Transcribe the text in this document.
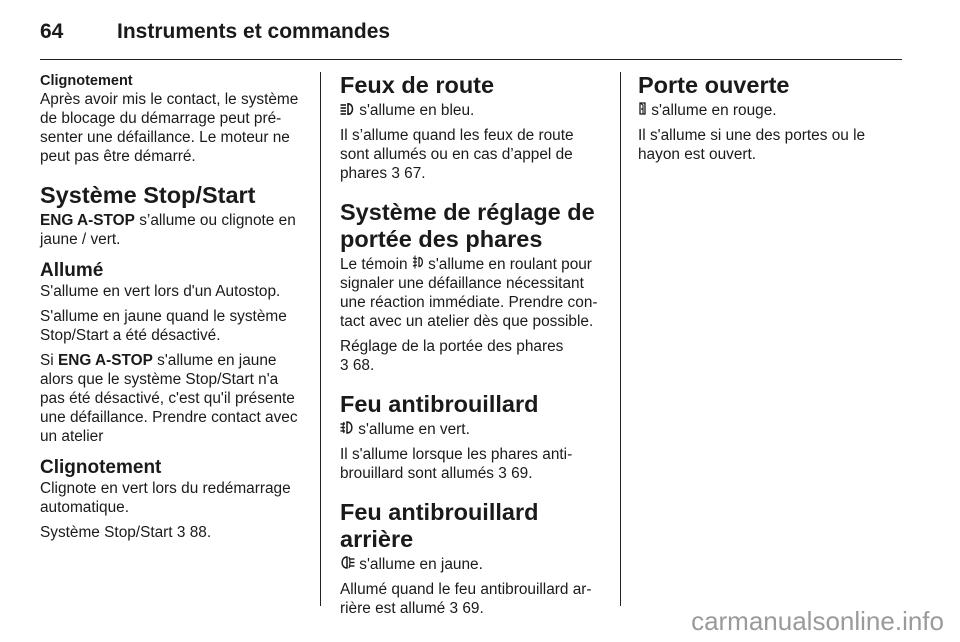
64	Instruments et commandes
Clignotement

Après avoir mis le contact, le système de blocage du démarrage peut pré-senter une défaillance. Le moteur ne peut pas être démarré.

Système Stop/Start

ENG A-STOP s’allume ou clignote en jaune / vert.

Allumé

S'allume en vert lors d'un Autostop.

S'allume en jaune quand le système Stop/Start a été désactivé.

Si ENG A-STOP s'allume en jaune alors que le système Stop/Start n'a pas été désactivé, c'est qu'il présente une défaillance. Prendre contact avec un atelier

Clignotement

Clignote en vert lors du redémarrage automatique.

Système Stop/Start 3 88.

Feux de route

s'allume en bleu.

Il s’allume quand les feux de route sont allumés ou en cas d’appel de phares 3 67.

Système de réglage de portée des phares

Le témoin  s'allume en roulant pour signaler une défaillance nécessitant une réaction immédiate. Prendre con-tact avec un atelier dès que possible.

Réglage de la portée des phares
3 68.

Feu antibrouillard

s'allume en vert.

Il s'allume lorsque les phares anti-brouillard sont allumés 3 69.

Feu antibrouillard arrière

s'allume en jaune.

Allumé quand le feu antibrouillard ar-rière est allumé 3 69.

Porte ouverte

s'allume en rouge.

Il s'allume si une des portes ou le hayon est ouvert.

carmanualsonline.info
